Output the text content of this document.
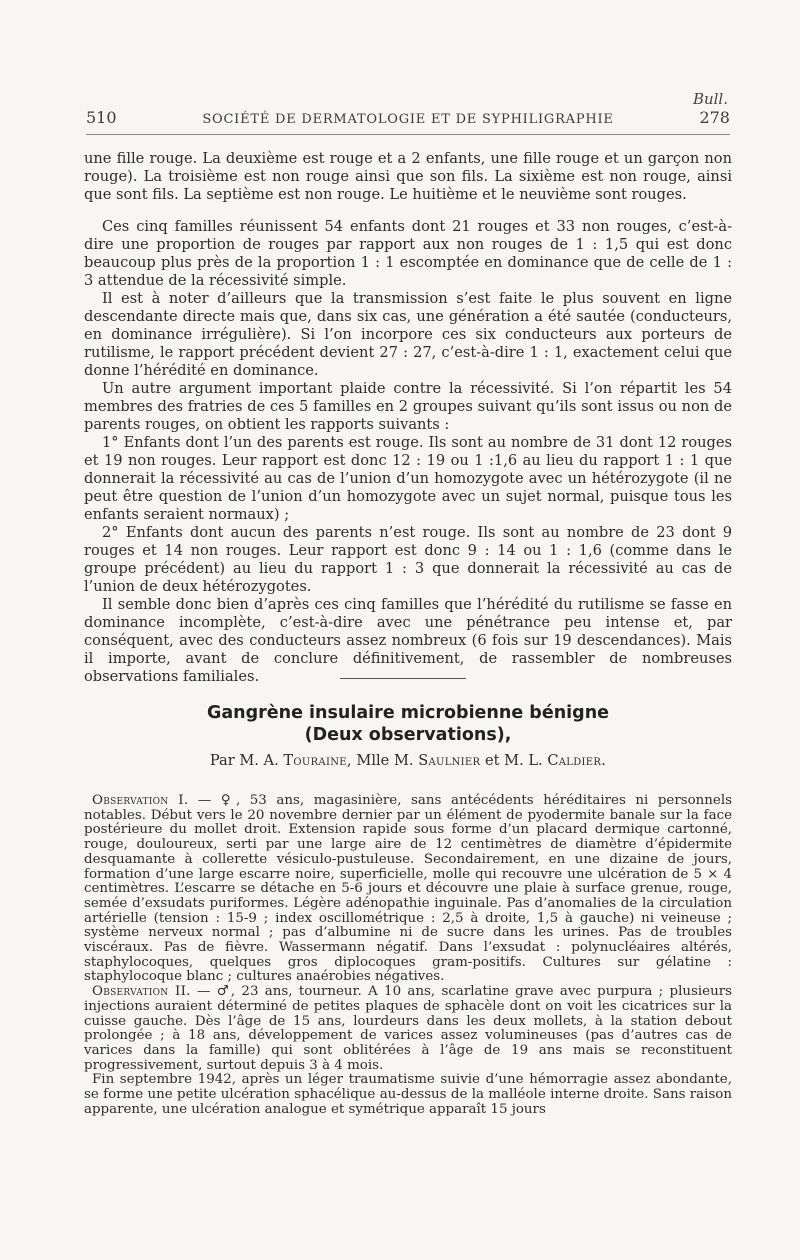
Bull.
510	SOCIÉTÉ DE DERMATOLOGIE ET DE SYPHILIGRAPHIE	278

une fille rouge. La deuxième est rouge et a 2 enfants, une fille rouge et un garçon non rouge). La troisième est non rouge ainsi que son fils. La sixième est non rouge, ainsi que sont fils. La septième est non rouge. Le huitième et le neuvième sont rouges.

Ces cinq familles réunissent 54 enfants dont 21 rouges et 33 non rouges, c’est-à-dire une proportion de rouges par rapport aux non rouges de 1 : 1,5 qui est donc beaucoup plus près de la proportion 1 : 1 escomptée en dominance que de celle de 1 : 3 attendue de la récessivité simple.

Il est à noter d’ailleurs que la transmission s’est faite le plus souvent en ligne descendante directe mais que, dans six cas, une génération a été sautée (conducteurs, en dominance irrégulière). Si l’on incorpore ces six conducteurs aux porteurs de rutilisme, le rapport précédent devient 27 : 27, c’est-à-dire 1 : 1, exactement celui que donne l’hérédité en dominance.

Un autre argument important plaide contre la récessivité. Si l’on répartit les 54 membres des fratries de ces 5 familles en 2 groupes suivant qu’ils sont issus ou non de parents rouges, on obtient les rapports suivants :

1° Enfants dont l’un des parents est rouge. Ils sont au nombre de 31 dont 12 rouges et 19 non rouges. Leur rapport est donc 12 : 19 ou 1 :1,6 au lieu du rapport 1 : 1 que donnerait la récessivité au cas de l’union d’un homozygote avec un hétérozygote (il ne peut être question de l’union d’un homozygote avec un sujet normal, puisque tous les enfants seraient normaux) ;

2° Enfants dont aucun des parents n’est rouge. Ils sont au nombre de 23 dont 9 rouges et 14 non rouges. Leur rapport est donc 9 : 14 ou 1 : 1,6 (comme dans le groupe précédent) au lieu du rapport 1 : 3 que donnerait la récessivité au cas de l’union de deux hétérozygotes.

Il semble donc bien d’après ces cinq familles que l’hérédité du rutilisme se fasse en dominance incomplète, c’est-à-dire avec une pénétrance peu intense et, par conséquent, avec des conducteurs assez nombreux (6 fois sur 19 descendances). Mais il importe, avant de conclure définitivement, de rassembler de nombreuses observations familiales.

Gangrène insulaire microbienne bénigne
(Deux observations),
Par M. A. Touraine, Mlle M. Saulnier et M. L. Caldier.

Observation I. — ♀, 53 ans, magasinière, sans antécédents héréditaires ni personnels notables. Début vers le 20 novembre dernier par un élément de pyodermite banale sur la face postérieure du mollet droit. Extension rapide sous forme d’un placard dermique cartonné, rouge, douloureux, serti par une large aire de 12 centimètres de diamètre d’épidermite desquamante à collerette vésiculo-pustuleuse. Secondairement, en une dizaine de jours, formation d’une large escarre noire, superficielle, molle qui recouvre une ulcération de 5 × 4 centimètres. L’escarre se détache en 5-6 jours et découvre une plaie à surface grenue, rouge, semée d’exsudats puriformes. Légère adénopathie inguinale. Pas d’anomalies de la circulation artérielle (tension : 15-9 ; index oscillométrique : 2,5 à droite, 1,5 à gauche) ni veineuse ; système nerveux normal ; pas d’albumine ni de sucre dans les urines. Pas de troubles viscéraux. Pas de fièvre. Wassermann négatif. Dans l’exsudat : polynucléaires altérés, staphylocoques, quelques gros diplocoques gram-positifs. Cultures sur gélatine : staphylocoque blanc ; cultures anaérobies négatives.

Observation II. — ♂, 23 ans, tourneur. A 10 ans, scarlatine grave avec purpura ; plusieurs injections auraient déterminé de petites plaques de sphacèle dont on voit les cicatrices sur la cuisse gauche. Dès l’âge de 15 ans, lourdeurs dans les deux mollets, à la station debout prolongée ; à 18 ans, développement de varices assez volumineuses (pas d’autres cas de varices dans la famille) qui sont oblitérées à l’âge de 19 ans mais se reconstituent progressivement, surtout depuis 3 à 4 mois.

Fin septembre 1942, après un léger traumatisme suivie d’une hémorragie assez abondante, se forme une petite ulcération sphacélique au-dessus de la malléole interne droite. Sans raison apparente, une ulcération analogue et symétrique apparaît 15 jours
